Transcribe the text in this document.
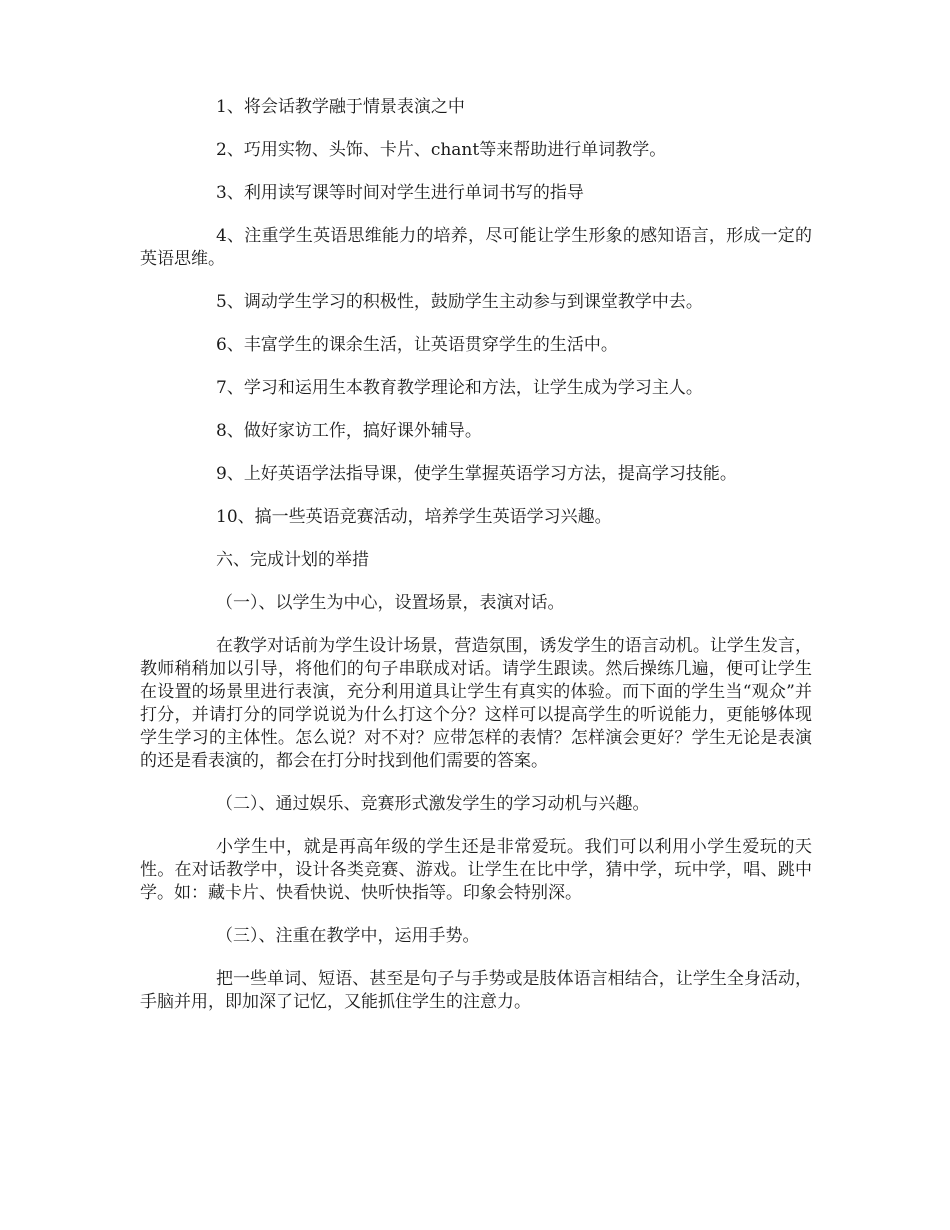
1、将会话教学融于情景表演之中

2、巧用实物、头饰、卡片、chant等来帮助进行单词教学。

3、利用读写课等时间对学生进行单词书写的指导

4、注重学生英语思维能力的培养，尽可能让学生形象的感知语言，形成一定的英语思维。

5、调动学生学习的积极性，鼓励学生主动参与到课堂教学中去。

6、丰富学生的课余生活，让英语贯穿学生的生活中。

7、学习和运用生本教育教学理论和方法，让学生成为学习主人。

8、做好家访工作，搞好课外辅导。

9、上好英语学法指导课，使学生掌握英语学习方法，提高学习技能。

10、搞一些英语竞赛活动，培养学生英语学习兴趣。

六、完成计划的举措

（一）、以学生为中心，设置场景，表演对话。

在教学对话前为学生设计场景，营造氛围，诱发学生的语言动机。让学生发言，教师稍稍加以引导，将他们的句子串联成对话。请学生跟读。然后操练几遍，便可让学生在设置的场景里进行表演，充分利用道具让学生有真实的体验。而下面的学生当“观众”并打分，并请打分的同学说说为什么打这个分？这样可以提高学生的听说能力，更能够体现学生学习的主体性。怎么说？对不对？应带怎样的表情？怎样演会更好？学生无论是表演的还是看表演的，都会在打分时找到他们需要的答案。

（二）、通过娱乐、竞赛形式激发学生的学习动机与兴趣。

小学生中，就是再高年级的学生还是非常爱玩。我们可以利用小学生爱玩的天性。在对话教学中，设计各类竞赛、游戏。让学生在比中学，猜中学，玩中学，唱、跳中学。如：藏卡片、快看快说、快听快指等。印象会特别深。

（三）、注重在教学中，运用手势。

把一些单词、短语、甚至是句子与手势或是肢体语言相结合，让学生全身活动，手脑并用，即加深了记忆，又能抓住学生的注意力。
